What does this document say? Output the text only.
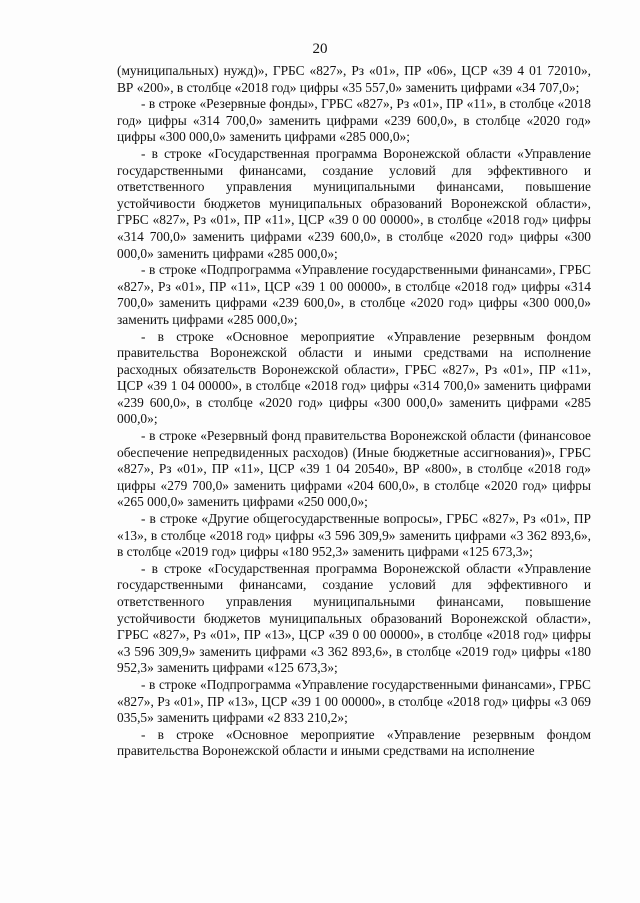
20

(муниципальных) нужд)», ГРБС «827», Рз «01», ПР «06», ЦСР «39 4 01 72010», ВР «200», в столбце «2018 год» цифры «35 557,0» заменить цифрами «34 707,0»;

- в строке «Резервные фонды», ГРБС «827», Рз «01», ПР «11», в столбце «2018 год» цифры «314 700,0» заменить цифрами «239 600,0», в столбце «2020 год» цифры «300 000,0» заменить цифрами «285 000,0»;

- в строке «Государственная программа Воронежской области «Управление государственными финансами, создание условий для эффективного и ответственного управления муниципальными финансами, повышение устойчивости бюджетов муниципальных образований Воронежской области», ГРБС «827», Рз «01», ПР «11», ЦСР «39 0 00 00000», в столбце «2018 год» цифры «314 700,0» заменить цифрами «239 600,0», в столбце «2020 год» цифры «300 000,0» заменить цифрами «285 000,0»;

- в строке «Подпрограмма «Управление государственными финансами», ГРБС «827», Рз «01», ПР «11», ЦСР «39 1 00 00000», в столбце «2018 год» цифры «314 700,0» заменить цифрами «239 600,0», в столбце «2020 год» цифры «300 000,0» заменить цифрами «285 000,0»;

- в строке «Основное мероприятие «Управление резервным фондом правительства Воронежской области и иными средствами на исполнение расходных обязательств Воронежской области», ГРБС «827», Рз «01», ПР «11», ЦСР «39 1 04 00000», в столбце «2018 год» цифры «314 700,0» заменить цифрами «239 600,0», в столбце «2020 год» цифры «300 000,0» заменить цифрами «285 000,0»;

- в строке «Резервный фонд правительства Воронежской области (финансовое обеспечение непредвиденных расходов) (Иные бюджетные ассигнования)», ГРБС «827», Рз «01», ПР «11», ЦСР «39 1 04 20540», ВР «800», в столбце «2018 год» цифры «279 700,0» заменить цифрами «204 600,0», в столбце «2020 год» цифры «265 000,0» заменить цифрами «250 000,0»;

- в строке «Другие общегосударственные вопросы», ГРБС «827», Рз «01», ПР «13», в столбце «2018 год» цифры «3 596 309,9» заменить цифрами «3 362 893,6», в столбце «2019 год» цифры «180 952,3» заменить цифрами «125 673,3»;

- в строке «Государственная программа Воронежской области «Управление государственными финансами, создание условий для эффективного и ответственного управления муниципальными финансами, повышение устойчивости бюджетов муниципальных образований Воронежской области», ГРБС «827», Рз «01», ПР «13», ЦСР «39 0 00 00000», в столбце «2018 год» цифры «3 596 309,9» заменить цифрами «3 362 893,6», в столбце «2019 год» цифры «180 952,3» заменить цифрами «125 673,3»;

- в строке «Подпрограмма «Управление государственными финансами», ГРБС «827», Рз «01», ПР «13», ЦСР «39 1 00 00000», в столбце «2018 год» цифры «3 069 035,5» заменить цифрами «2 833 210,2»;

- в строке «Основное мероприятие «Управление резервным фондом правительства Воронежской области и иными средствами на исполнение
